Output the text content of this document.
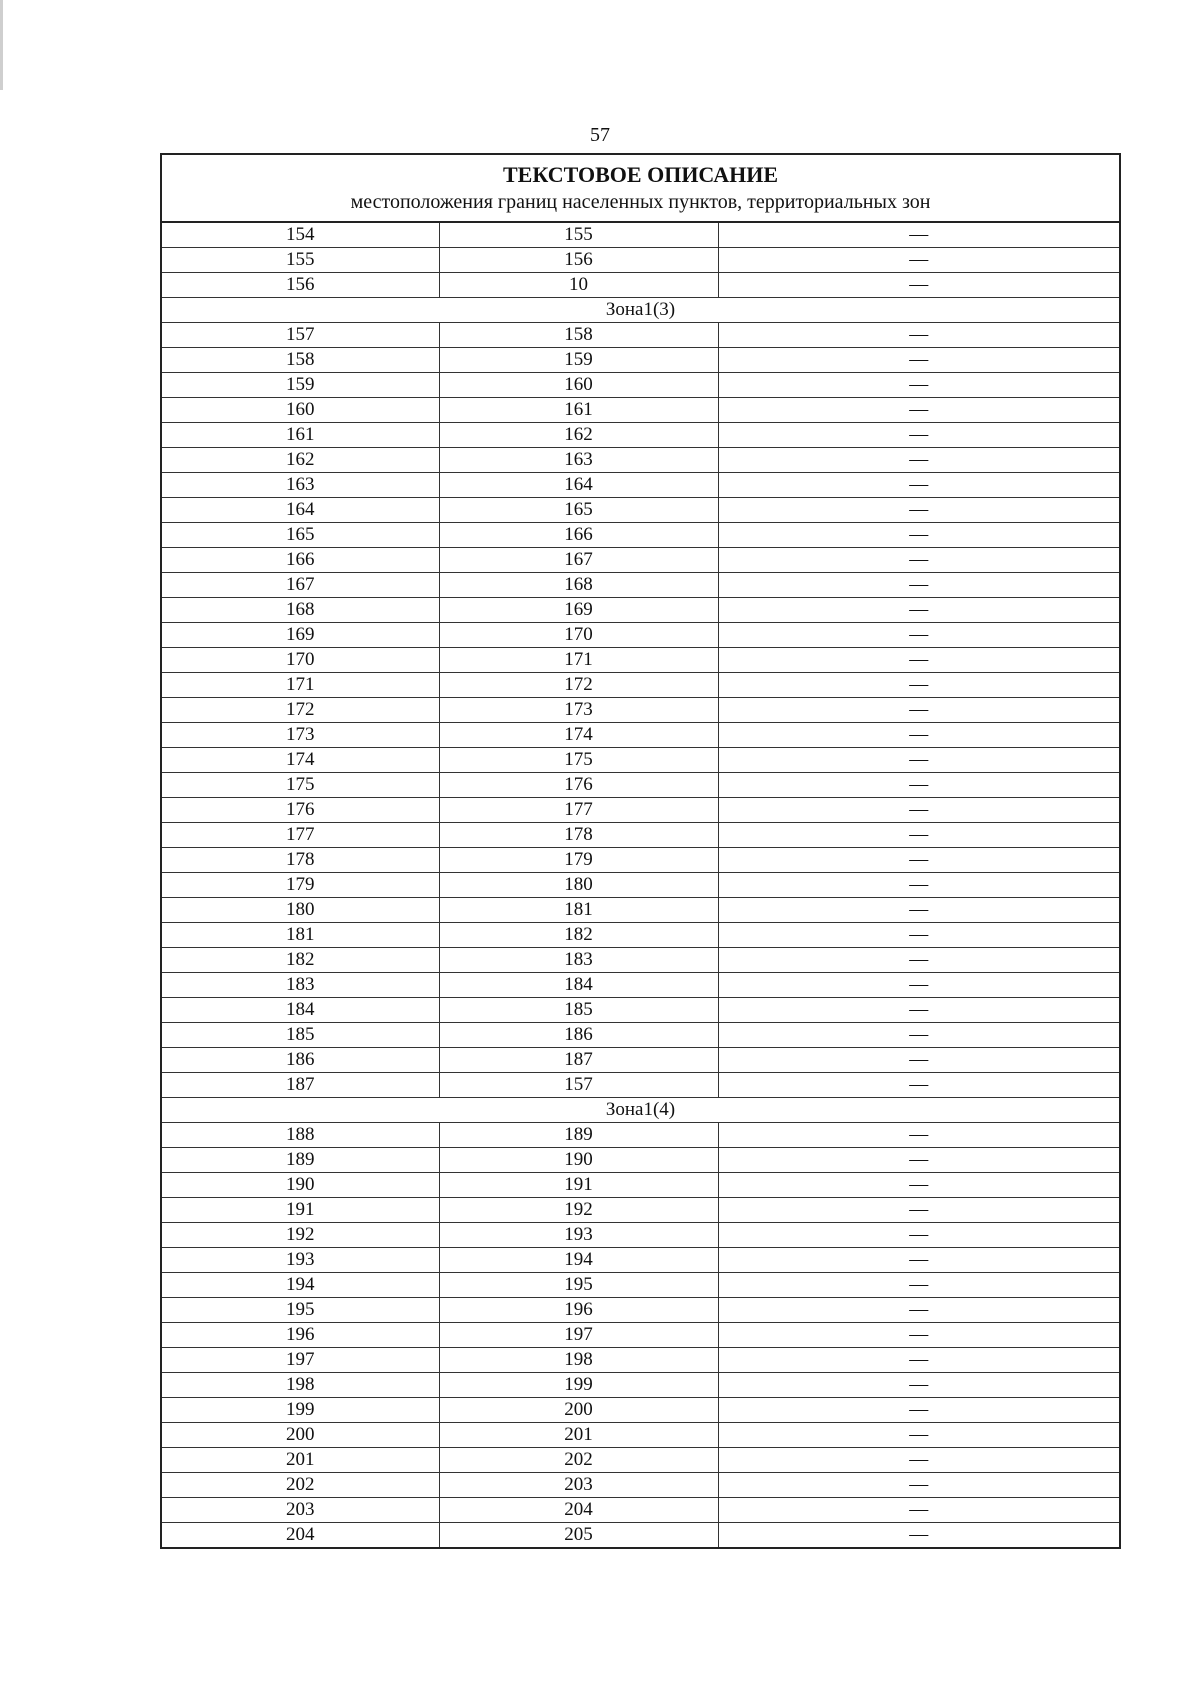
57
ТЕКСТОВОЕ ОПИСАНИЕ
местоположения границ населенных пунктов, территориальных зон		

154	155	—
155	156	—
156	10	—
Зона1(3)		
157	158	—
158	159	—
159	160	—
160	161	—
161	162	—
162	163	—
163	164	—
164	165	—
165	166	—
166	167	—
167	168	—
168	169	—
169	170	—
170	171	—
171	172	—
172	173	—
173	174	—
174	175	—
175	176	—
176	177	—
177	178	—
178	179	—
179	180	—
180	181	—
181	182	—
182	183	—
183	184	—
184	185	—
185	186	—
186	187	—
187	157	—
Зона1(4)		
188	189	—
189	190	—
190	191	—
191	192	—
192	193	—
193	194	—
194	195	—
195	196	—
196	197	—
197	198	—
198	199	—
199	200	—
200	201	—
201	202	—
202	203	—
203	204	—
204	205	—
